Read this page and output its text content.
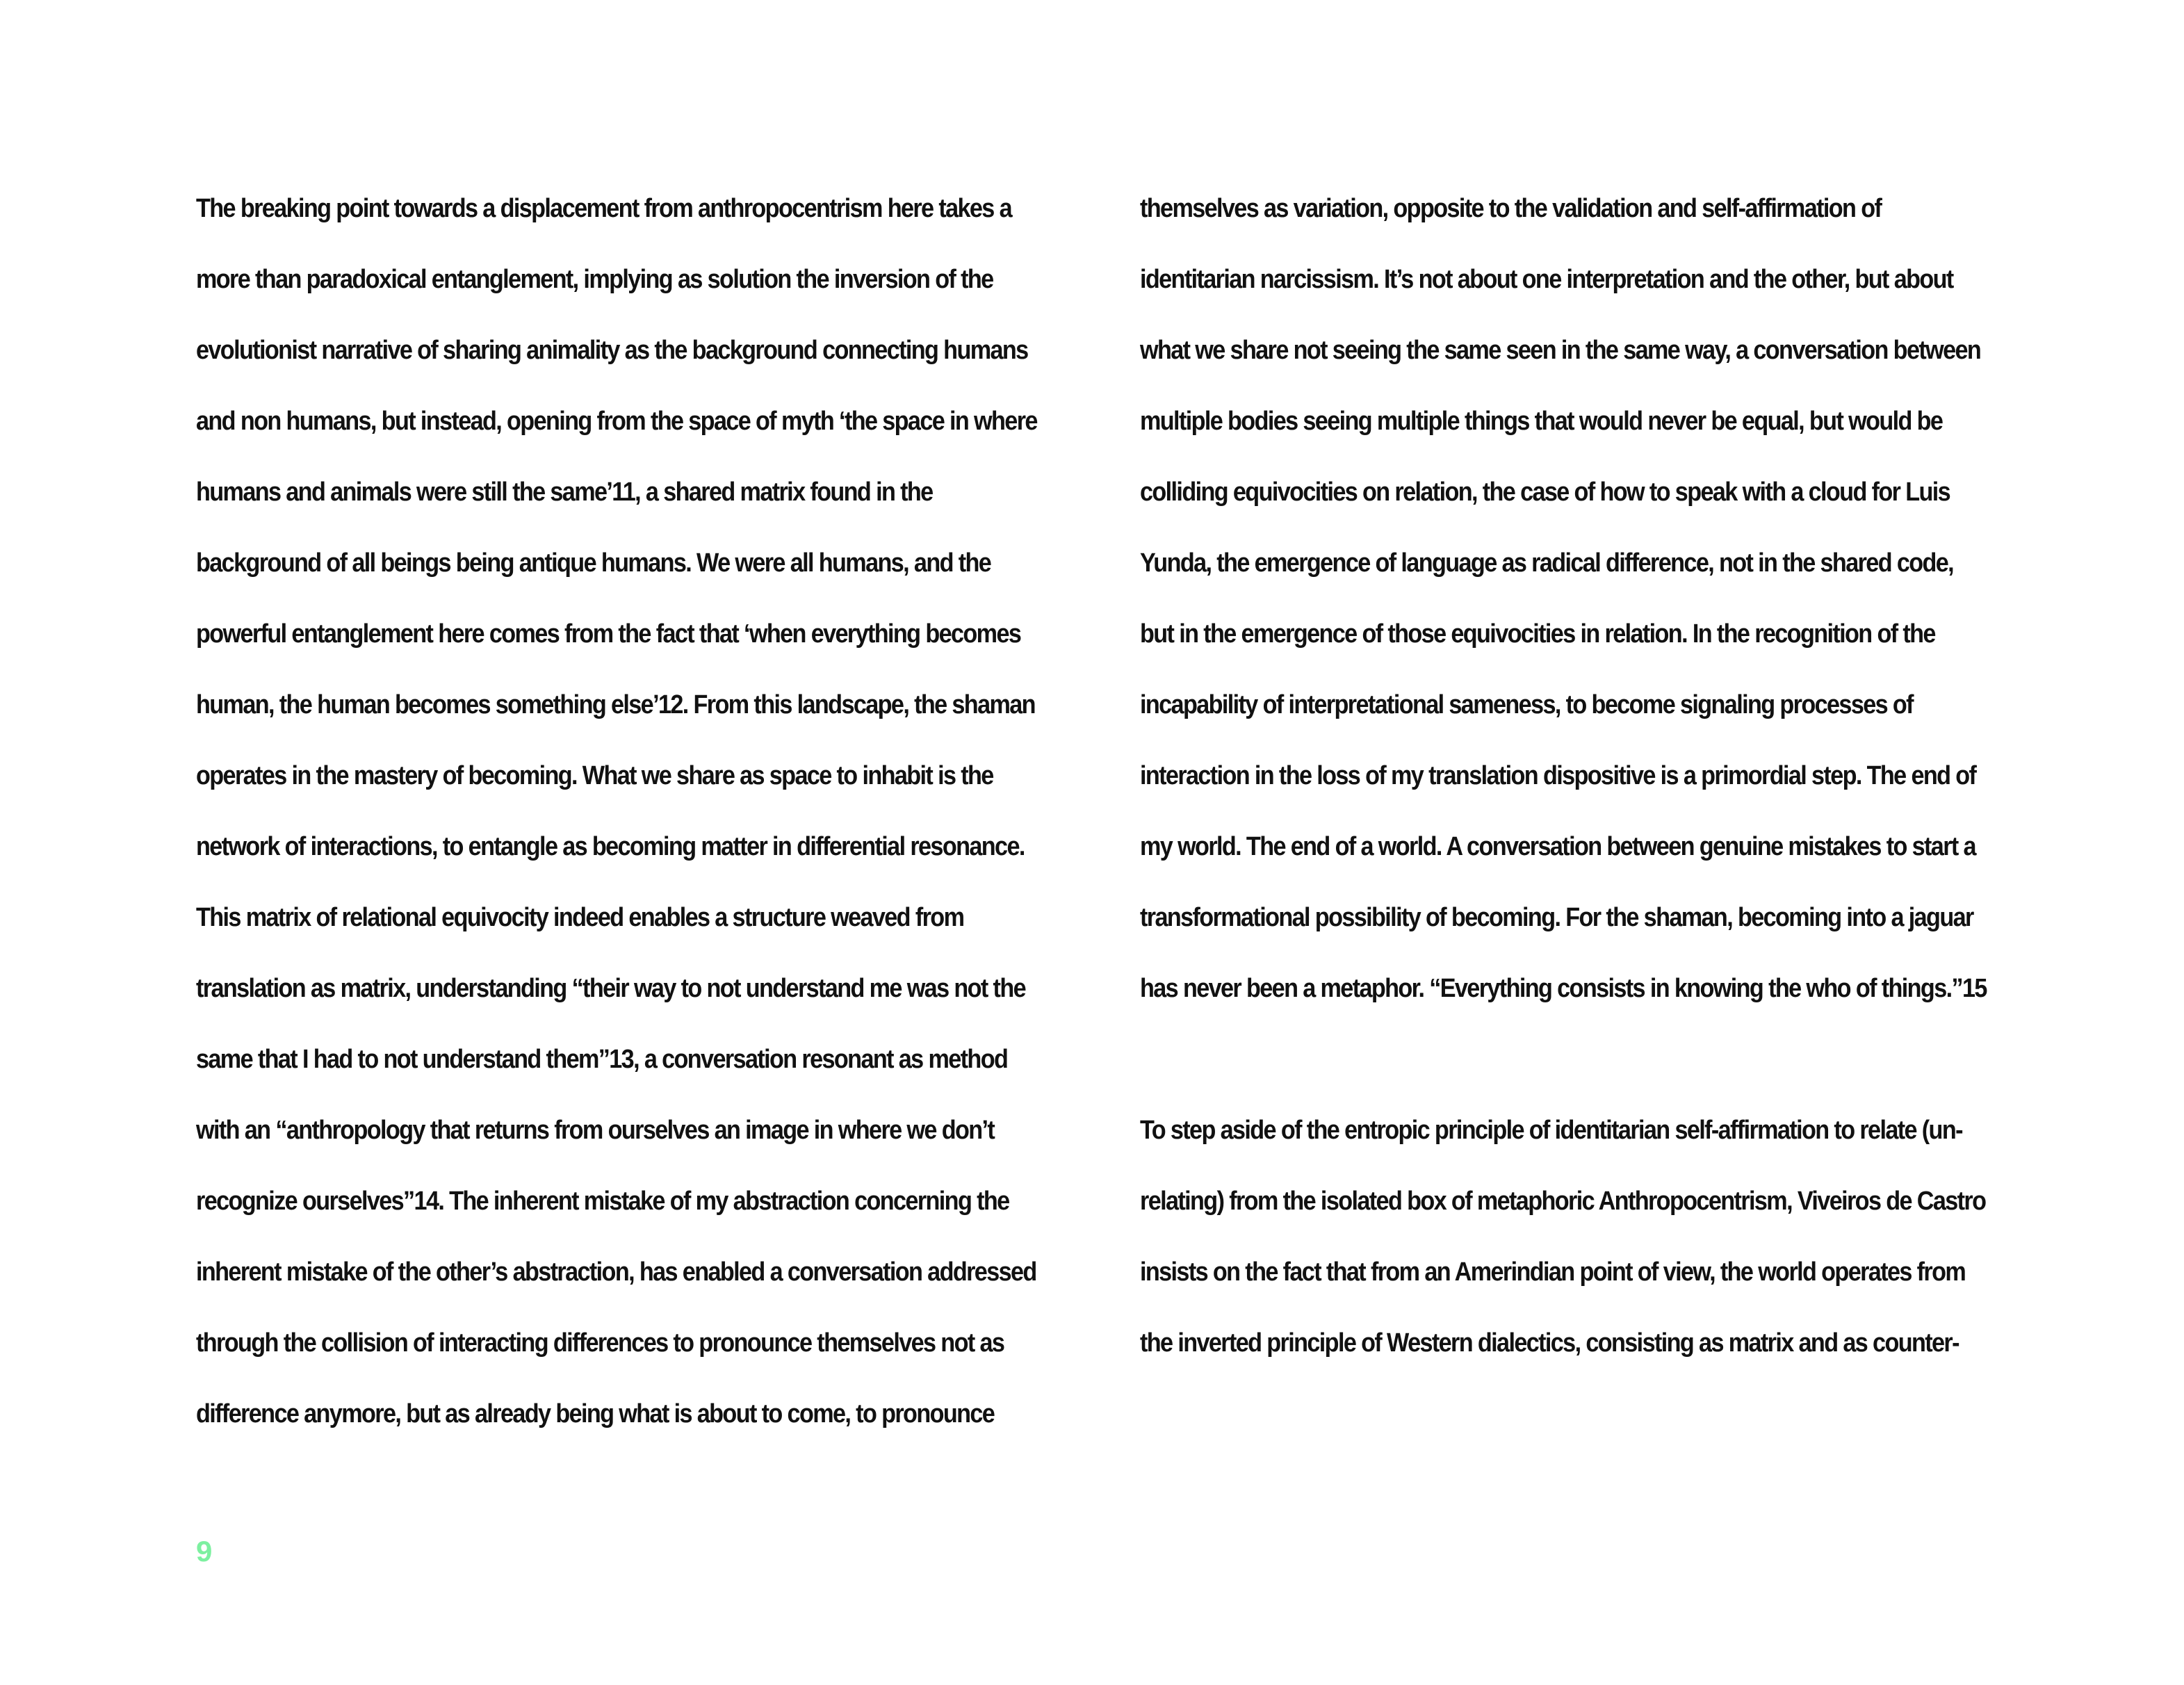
The breaking point towards a displacement from anthropocentrism here takes a
more than paradoxical entanglement, implying as solution the inversion of the
evolutionist narrative of sharing animality as the background connecting humans
and non humans, but instead, opening from the space of myth ‘the space in where
humans and animals were still the same’11, a shared matrix found in the
background of all beings being antique humans. We were all humans, and the
powerful entanglement here comes from the fact that ‘when everything becomes
human, the human becomes something else’12. From this landscape, the shaman
operates in the mastery of becoming. What we share as space to inhabit is the
network of interactions, to entangle as becoming matter in differential resonance.
This matrix of relational equivocity indeed enables a structure weaved from
translation as matrix, understanding “their way to not understand me was not the
same that I had to not understand them”13, a conversation resonant as method
with an “anthropology that returns from ourselves an image in where we don’t
recognize ourselves”14. The inherent mistake of my abstraction concerning the
inherent mistake of the other’s abstraction, has enabled a conversation addressed
through the collision of interacting differences to pronounce themselves not as
difference anymore, but as already being what is about to come, to pronounce
themselves as variation, opposite to the validation and self-affirmation of
identitarian narcissism. It’s not about one interpretation and the other, but about
what we share not seeing the same seen in the same way, a conversation between
multiple bodies seeing multiple things that would never be equal, but would be
colliding equivocities on relation, the case of how to speak with a cloud for Luis
Yunda, the emergence of language as radical difference, not in the shared code,
but in the emergence of those equivocities in relation. In the recognition of the
incapability of interpretational sameness, to become signaling processes of
interaction in the loss of my translation dispositive is a primordial step. The end of
my world. The end of a world. A conversation between genuine mistakes to start a
transformational possibility of becoming. For the shaman, becoming into a jaguar
has never been a metaphor. “Everything consists in knowing the who of things.”15
To step aside of the entropic principle of identitarian self-affirmation to relate (un-
relating) from the isolated box of metaphoric Anthropocentrism, Viveiros de Castro
insists on the fact that from an Amerindian point of view, the world operates from
the inverted principle of Western dialectics, consisting as matrix and as counter-
9
